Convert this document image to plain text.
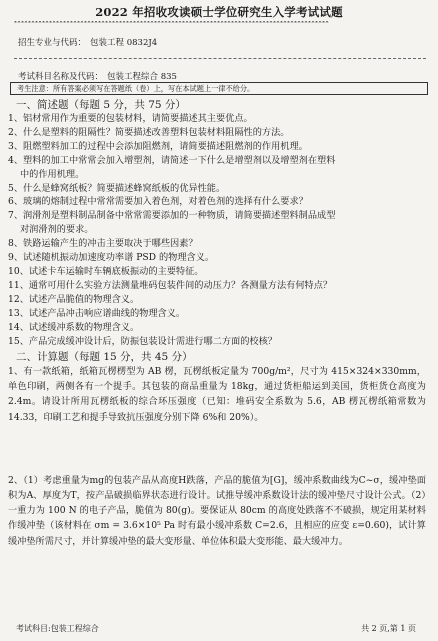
2022 年招收攻读硕士学位研究生入学考试试题
******************************************************************************************
招生专业与代码： 包装工程 0832J4
考试科目名称及代码： 包装工程综合 835
考生注意：所有答案必须写在答题纸（卷）上，写在本试题上一律不给分。
一、简述题（每题 5 分，共 75 分）
1、铝材常用作为重要的包装材料，请简要描述其主要优点。
2、什么是塑料的阻隔性？简要描述改善塑料包装材料阻隔性的方法。
3、阻燃塑料加工的过程中会添加阻燃剂，请简要描述阻燃剂的作用机理。
4、塑料的加工中常常会加入增塑剂，请简述一下什么是增塑剂以及增塑剂在塑料
中的作用机理。
5、什么是蜂窝纸板？简要描述蜂窝纸板的优异性能。
6、玻璃的熔制过程中常常需要加入着色剂，对着色剂的选择有什么要求？
7、润滑剂是塑料制品制备中常常需要添加的一种物质，请简要描述塑料制品成型
对润滑剂的要求。
8、铁路运输产生的冲击主要取决于哪些因素？
9、试述随机振动加速度功率谱 PSD 的物理含义。
10、试述卡车运输时车辆底板振动的主要特征。
11、通常可用什么实验方法测量堆码包装件间的动压力？各测量方法有何特点？
12、试述产品脆值的物理含义。
13、试述产品冲击响应谱曲线的物理含义。
14、试述缓冲系数的物理含义。
15、产品完成缓冲设计后，防振包装设计需进行哪二方面的校核？
二、计算题（每题 15 分，共 45 分）

1、有一款纸箱，纸箱瓦楞楞型为 AB 楞，瓦楞纸板定量为 700g/m²，尺寸为 415×324×330mm，单色印刷，两侧各有一个提手。其包装的商品重量为 18kg，通过货柜船运到美国，货柜货仓高度为 2.4m。请设计所用瓦楞纸板的综合环压强度（已知：堆码安全系数为 5.6，AB 楞瓦楞纸箱常数为 14.33，印刷工艺和提手导致抗压强度分别下降 6%和 20%）。

2、（1）考虑重量为mg的包装产品从高度H跌落，产品的脆值为[G]，缓冲系数曲线为C~σ，缓冲垫面积为A、厚度为T，按产品破损临界状态进行设计。试推导缓冲系数设计法的缓冲垫尺寸设计公式。（2）一重力为 100 N 的电子产品，脆值为 80(g)。要保证从 80cm 的高度处跌落不不破损，规定用某材料作缓冲垫（该材料在 σm = 3.6×10⁵ Pa 时有最小缓冲系数 C=2.6，且相应的应变 ε=0.60)，试计算缓冲垫所需尺寸，并计算缓冲垫的最大变形量、单位体积最大变形能、最大缓冲力。

考试科目:包装工程综合	共 2 页,第 1 页
